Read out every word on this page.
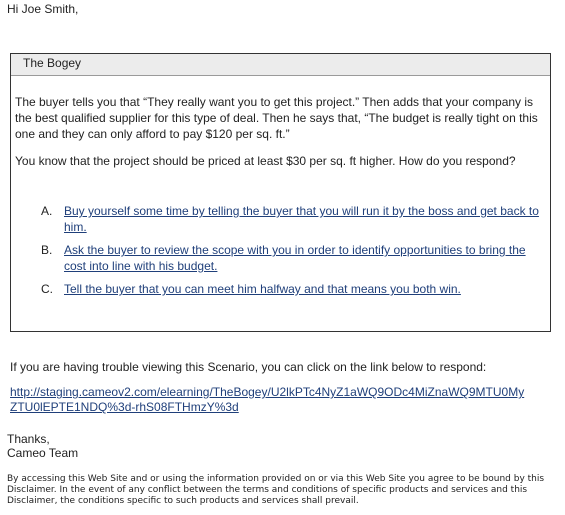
Hi Joe Smith,
The Bogey

The buyer tells you that “They really want you to get this project.” Then adds that your company is the best qualified supplier for this type of deal. Then he says that, “The budget is really tight on this one and they can only afford to pay $120 per sq. ft.”

You know that the project should be priced at least $30 per sq. ft higher. How do you respond?

A. Buy yourself some time by telling the buyer that you will run it by the boss and get back to him.
B. Ask the buyer to review the scope with you in order to identify opportunities to bring the cost into line with his budget.
C. Tell the buyer that you can meet him halfway and that means you both win.
If you are having trouble viewing this Scenario, you can click on the link below to respond:
http://staging.cameov2.com/elearning/TheBogey/U2lkPTc4NyZ1aWQ9ODc4MiZnaWQ9MTU0MyZTU0lEPTE1NDQ%3d-rhS08FTHmzY%3d
Thanks,
Cameo Team
By accessing this Web Site and or using the information provided on or via this Web Site you agree to be bound by this Disclaimer. In the event of any conflict between the terms and conditions of specific products and services and this Disclaimer, the conditions specific to such products and services shall prevail.
